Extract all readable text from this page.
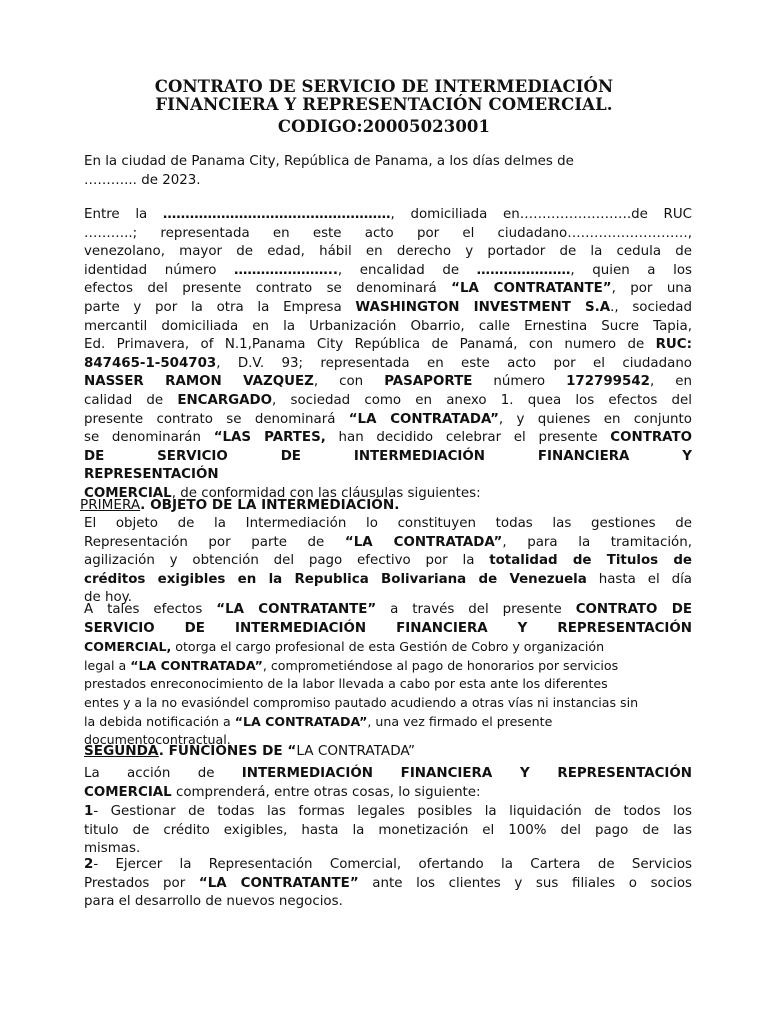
CONTRATO DE SERVICIO DE INTERMEDIACIÓN
FINANCIERA Y REPRESENTACIÓN COMERCIAL.
CODIGO:20005023001
En la ciudad de Panama City, República de Panama, a los días delmes de
………... de 2023.
Entre la ……………………………………………, domiciliada en…………………….de RUC
………..; representada en este acto por el ciudadano………………………,
venezolano, mayor de edad, hábil en derecho y portador de la cedula de
identidad número ………………….., encalidad de …………………, quien a los
efectos del presente contrato se denominará “LA CONTRATANTE”, por una
parte y por la otra la Empresa WASHINGTON INVESTMENT S.A., sociedad
mercantil domiciliada en la Urbanización Obarrio, calle Ernestina Sucre Tapia,
Ed. Primavera, of N.1,Panama City República de Panamá, con numero de RUC:
847465-1-504703, D.V. 93; representada en este acto por el ciudadano
NASSER RAMON VAZQUEZ, con PASAPORTE número 172799542, en
calidad de ENCARGADO, sociedad como en anexo 1. quea los efectos del
presente contrato se denominará “LA CONTRATADA”, y quienes en conjunto
se denominarán “LAS PARTES, han decidido celebrar el presente CONTRATO
DE SERVICIO DE INTERMEDIACIÓN FINANCIERA Y
REPRESENTACIÓN
COMERCIAL, de conformidad con las cláusulas siguientes:
PRIMERA. OBJETO DE LA INTERMEDIACIÓN.
El objeto de la Intermediación lo constituyen todas las gestiones de
Representación por parte de “LA CONTRATADA”, para la tramitación,
agilización y obtención del pago efectivo por la totalidad de Titulos de
créditos exigibles en la Republica Bolivariana de Venezuela hasta el día
de hoy.
A tales efectos “LA CONTRATANTE” a través del presente CONTRATO DE
SERVICIO DE INTERMEDIACIÓN FINANCIERA Y REPRESENTACIÓN
COMERCIAL, otorga el cargo profesional de esta Gestión de Cobro y organización
legal a “LA CONTRATADA”, comprometiéndose al pago de honorarios por servicios
prestados enreconocimiento de la labor llevada a cabo por esta ante los diferentes
entes y a la no evasióndel compromiso pautado acudiendo a otras vías ni instancias sin
la debida notificación a “LA CONTRATADA”, una vez firmado el presente
documentocontractual.
SEGUNDA. FUNCIONES DE “LA CONTRATADA”
La acción de INTERMEDIACIÓN FINANCIERA Y REPRESENTACIÓN
COMERCIAL comprenderá, entre otras cosas, lo siguiente:
1- Gestionar de todas las formas legales posibles la liquidación de todos los
titulo de crédito exigibles, hasta la monetización el 100% del pago de las
mismas.
2- Ejercer la Representación Comercial, ofertando la Cartera de Servicios
Prestados por “LA CONTRATANTE” ante los clientes y sus filiales o socios
para el desarrollo de nuevos negocios.
